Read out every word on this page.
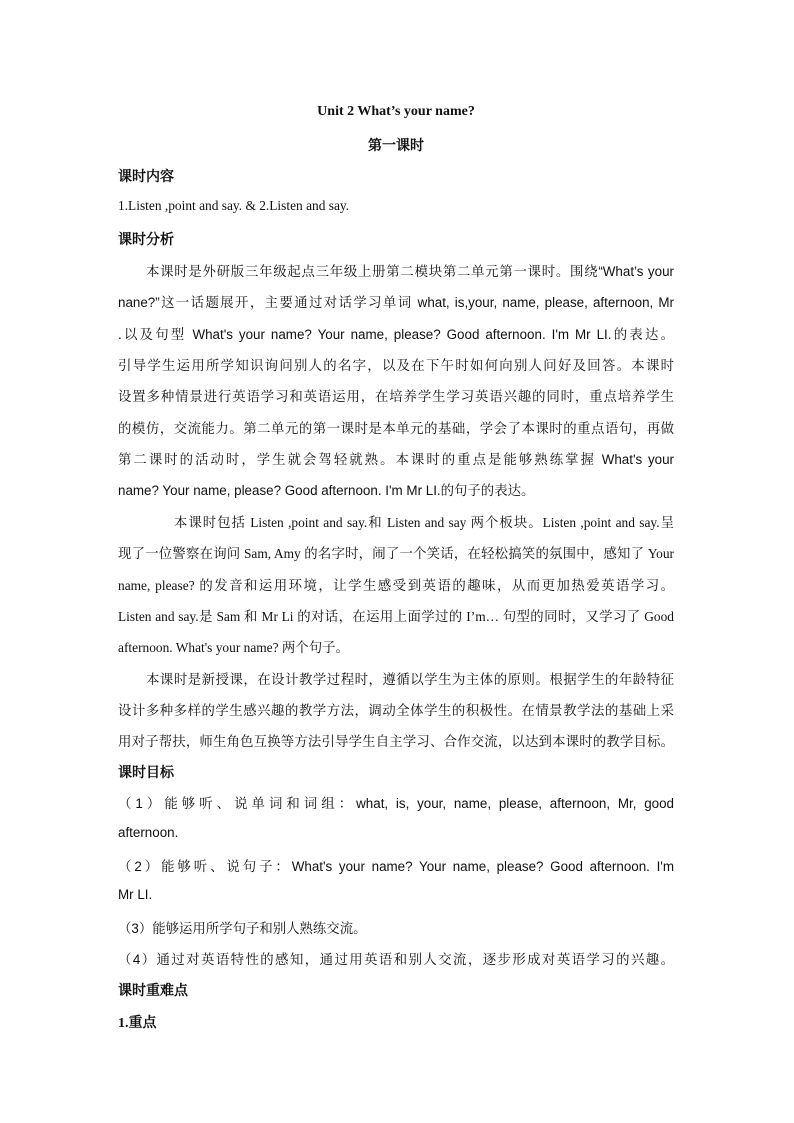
Unit 2 What’s your name?
第一课时
课时内容
1.Listen ,point and say. & 2.Listen and say.
课时分析
本课时是外研版三年级起点三年级上册第二模块第二单元第一课时。围绕“What’s your
nane?”这一话题展开，主要通过对话学习单词 what, is,your, name, please, afternoon, Mr
.以及句型 What's your name? Your name, please? Good afternoon. I'm Mr LI.的表达。
引导学生运用所学知识询问别人的名字，以及在下午时如何向别人问好及回答。本课时
设置多种情景进行英语学习和英语运用，在培养学生学习英语兴趣的同时，重点培养学生
的模仿，交流能力。第二单元的第一课时是本单元的基础，学会了本课时的重点语句，再做
第二课时的活动时，学生就会驾轻就熟。本课时的重点是能够熟练掌握 What's your
name? Your name, please? Good afternoon. I'm Mr LI.的句子的表达。
本课时包括 Listen ,point and say.和 Listen and say 两个板块。Listen ,point and say.呈
现了一位警察在询问 Sam, Amy 的名字时，闹了一个笑话，在轻松搞笑的氛围中，感知了 Your
name, please? 的发音和运用环境，让学生感受到英语的趣味，从而更加热爱英语学习。
Listen and say.是 Sam 和 Mr Li 的对话，在运用上面学过的 I’m… 句型的同时，又学习了 Good
afternoon. What's your name? 两个句子。
本课时是新授课，在设计教学过程时，遵循以学生为主体的原则。根据学生的年龄特征
设计多种多样的学生感兴趣的教学方法，调动全体学生的积极性。在情景教学法的基础上采
用对子帮扶，师生角色互换等方法引导学生自主学习、合作交流，以达到本课时的教学目标。
课时目标
（1）能够听、说单词和词组：what, is, your, name, please, afternoon, Mr, good
afternoon.
（2）能够听、说句子：What's your name? Your name, please? Good afternoon. I'm
Mr LI.
（3）能够运用所学句子和别人熟练交流。
（4）通过对英语特性的感知，通过用英语和别人交流，逐步形成对英语学习的兴趣。
课时重难点
1.重点
